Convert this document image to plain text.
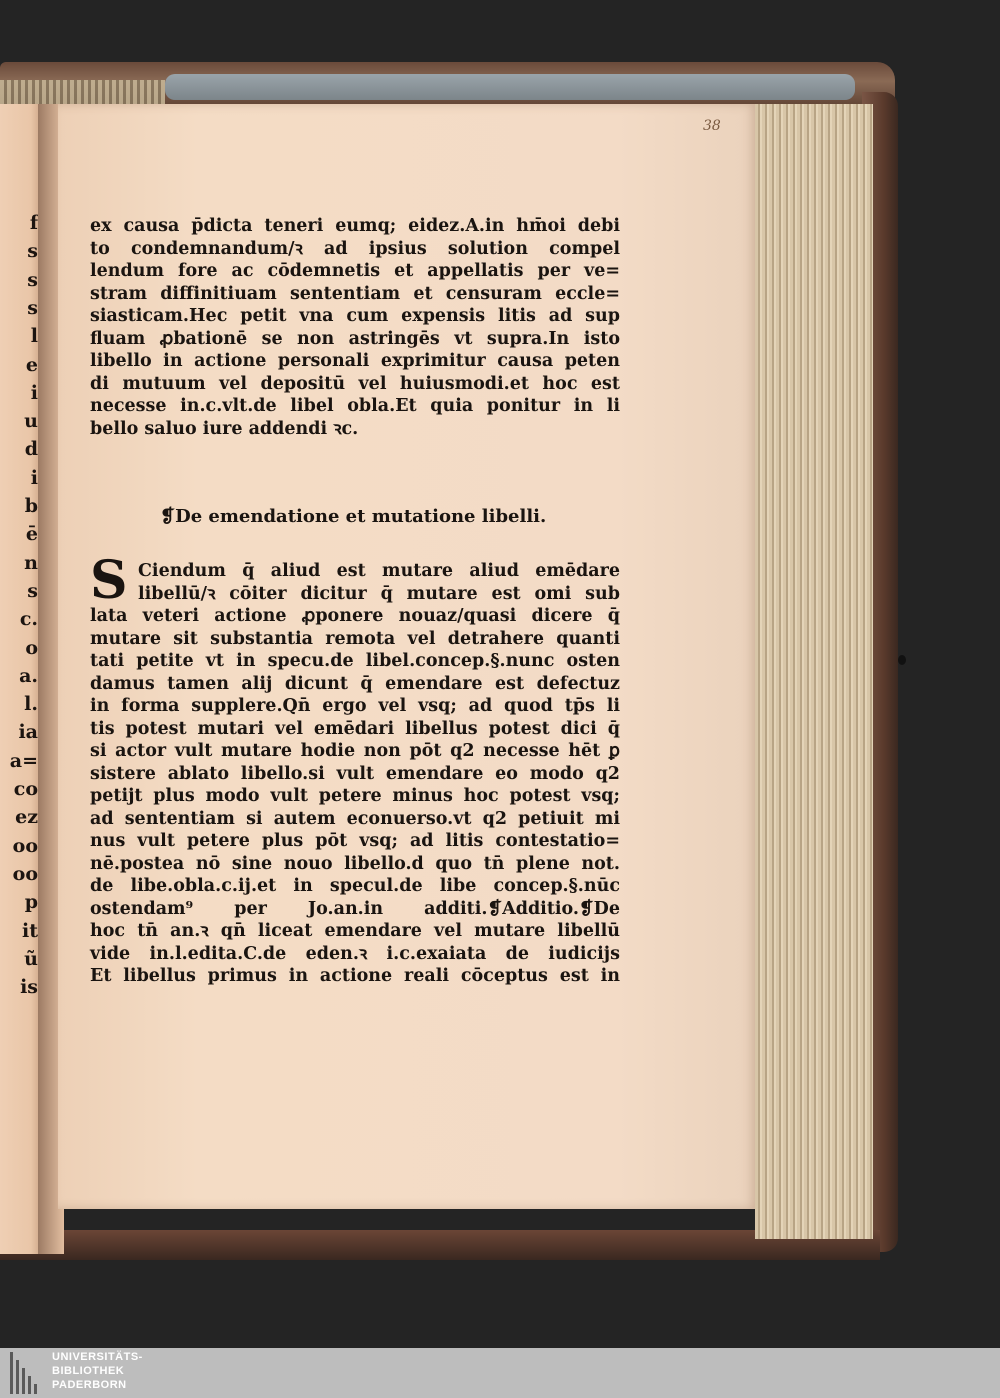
f
s
s
s
l
e
i
u
d
i
b
ē
n
s
c.
o
a.
l.
ia
a=
co
ez
oo
oo
p
it
ũ
is
38
ex causa p̄dicta teneri eumq; eidez.A.in hm̄oi debi
to condemnandum/ꝛ ad ipsius solution compel
lendum fore ac cōdemnetis et appellatis per ve=
stram diffinitiuam sententiam et censuram eccle=
siasticam.Hec petit vna cum expensis litis ad sup
fluam ꝓbationē se non astringēs vt supra.In isto
libello in actione personali exprimitur causa peten
di mutuum vel depositū vel huiusmodi.et hoc est
necesse in.c.vlt.de libel obla.Et quia ponitur in li
bello saluo iure addendi ꝛc.
❡De emendatione et mutatione libelli.
S Ciendum q̄ aliud est mutare aliud emēdare
libellū/ꝛ cōiter dicitur q̄ mutare est omi sub
lata veteri actione ꝓponere nouaz/quasi dicere q̄
mutare sit substantia remota vel detrahere quanti
tati petite vt in specu.de libel.concep.§.nunc osten
damus tamen alij dicunt q̄ emendare est defectuz
in forma supplere.Qn̄ ergo vel vsq; ad quod tp̄s li
tis potest mutari vel emēdari libellus potest dici q̄
si actor vult mutare hodie non pōt q2 necesse hēt ꝑ
sistere ablato libello.si vult emendare eo modo q2
petijt plus modo vult petere minus hoc potest vsq;
ad sententiam si autem econuerso.vt q2 petiuit mi
nus vult petere plus pōt vsq; ad litis contestatio=
nē.postea nō sine nouo libello.d quo tn̄ plene not.
de libe.obla.c.ij.et in specul.de libe concep.§.nūc
ostendam⁹ per Jo.an.in additi.❡Additio.❡De
hoc tn̄ an.ꝛ qn̄ liceat emendare vel mutare libellū
vide in.l.edita.C.de eden.ꝛ i.c.exaiata de iudicijs
Et libellus primus in actione reali cōceptus est in
UNIVERSITÄTS-
BIBLIOTHEK
PADERBORN
